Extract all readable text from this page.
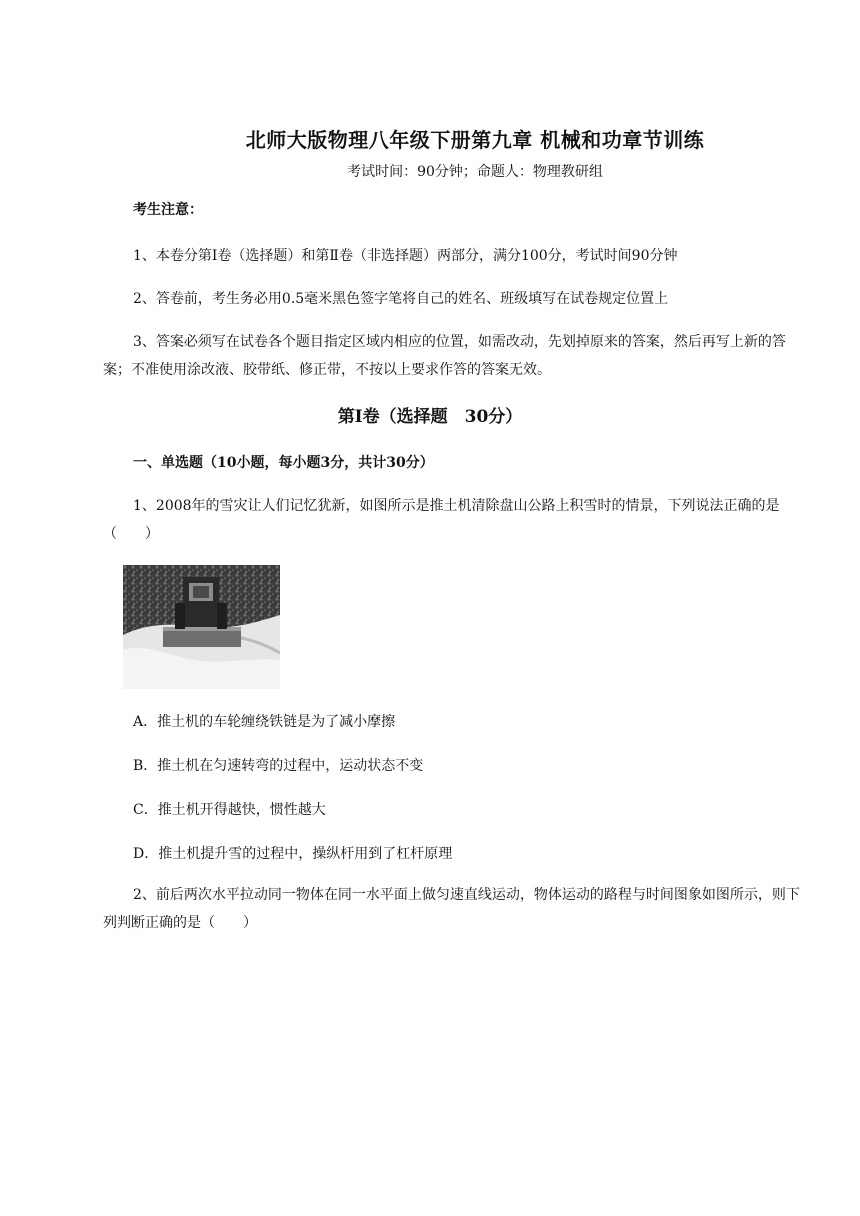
北师大版物理八年级下册第九章 机械和功章节训练
考试时间：90分钟；命题人：物理教研组
考生注意：
1、本卷分第Ⅰ卷（选择题）和第Ⅱ卷（非选择题）两部分，满分100分，考试时间90分钟
2、答卷前，考生务必用0.5毫米黑色签字笔将自己的姓名、班级填写在试卷规定位置上
3、答案必须写在试卷各个题目指定区域内相应的位置，如需改动，先划掉原来的答案，然后再写上新的答案；不准使用涂改液、胶带纸、修正带，不按以上要求作答的答案无效。
第Ⅰ卷（选择题　30分）
一、单选题（10小题，每小题3分，共计30分）
1、2008年的雪灾让人们记忆犹新，如图所示是推土机清除盘山公路上积雪时的情景，下列说法正确的是（　　）
A．推土机的车轮缠绕铁链是为了减小摩擦
B．推土机在匀速转弯的过程中，运动状态不变
C．推土机开得越快，惯性越大
D．推土机提升雪的过程中，操纵杆用到了杠杆原理
2、前后两次水平拉动同一物体在同一水平面上做匀速直线运动，物体运动的路程与时间图象如图所示，则下列判断正确的是（　　）
